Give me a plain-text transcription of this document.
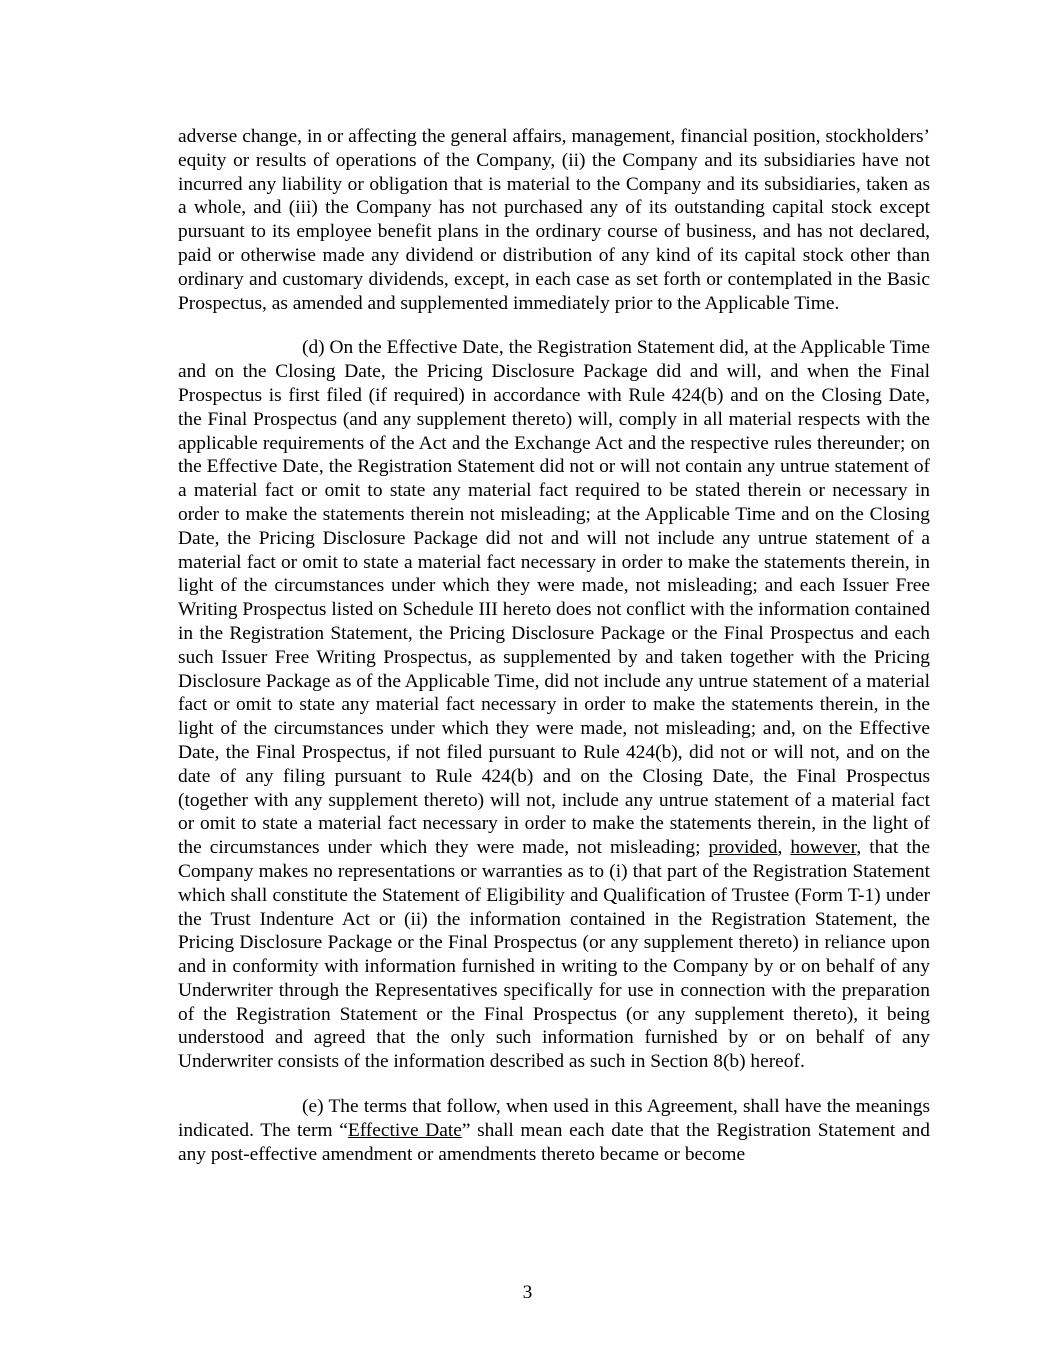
adverse change, in or affecting the general affairs, management, financial position, stockholders’ equity or results of operations of the Company, (ii) the Company and its subsidiaries have not incurred any liability or obligation that is material to the Company and its subsidiaries, taken as a whole, and (iii) the Company has not purchased any of its outstanding capital stock except pursuant to its employee benefit plans in the ordinary course of business, and has not declared, paid or otherwise made any dividend or distribution of any kind of its capital stock other than ordinary and customary dividends, except, in each case as set forth or contemplated in the Basic Prospectus, as amended and supplemented immediately prior to the Applicable Time.

(d) On the Effective Date, the Registration Statement did, at the Applicable Time and on the Closing Date, the Pricing Disclosure Package did and will, and when the Final Prospectus is first filed (if required) in accordance with Rule 424(b) and on the Closing Date, the Final Prospectus (and any supplement thereto) will, comply in all material respects with the applicable requirements of the Act and the Exchange Act and the respective rules thereunder; on the Effective Date, the Registration Statement did not or will not contain any untrue statement of a material fact or omit to state any material fact required to be stated therein or necessary in order to make the statements therein not misleading; at the Applicable Time and on the Closing Date, the Pricing Disclosure Package did not and will not include any untrue statement of a material fact or omit to state a material fact necessary in order to make the statements therein, in light of the circumstances under which they were made, not misleading; and each Issuer Free Writing Prospectus listed on Schedule III hereto does not conflict with the information contained in the Registration Statement, the Pricing Disclosure Package or the Final Prospectus and each such Issuer Free Writing Prospectus, as supplemented by and taken together with the Pricing Disclosure Package as of the Applicable Time, did not include any untrue statement of a material fact or omit to state any material fact necessary in order to make the statements therein, in the light of the circumstances under which they were made, not misleading; and, on the Effective Date, the Final Prospectus, if not filed pursuant to Rule 424(b), did not or will not, and on the date of any filing pursuant to Rule 424(b) and on the Closing Date, the Final Prospectus (together with any supplement thereto) will not, include any untrue statement of a material fact or omit to state a material fact necessary in order to make the statements therein, in the light of the circumstances under which they were made, not misleading; provided, however, that the Company makes no representations or warranties as to (i) that part of the Registration Statement which shall constitute the Statement of Eligibility and Qualification of Trustee (Form T-1) under the Trust Indenture Act or (ii) the information contained in the Registration Statement, the Pricing Disclosure Package or the Final Prospectus (or any supplement thereto) in reliance upon and in conformity with information furnished in writing to the Company by or on behalf of any Underwriter through the Representatives specifically for use in connection with the preparation of the Registration Statement or the Final Prospectus (or any supplement thereto), it being understood and agreed that the only such information furnished by or on behalf of any Underwriter consists of the information described as such in Section 8(b) hereof.

(e) The terms that follow, when used in this Agreement, shall have the meanings indicated. The term “Effective Date” shall mean each date that the Registration Statement and any post-effective amendment or amendments thereto became or become

3
